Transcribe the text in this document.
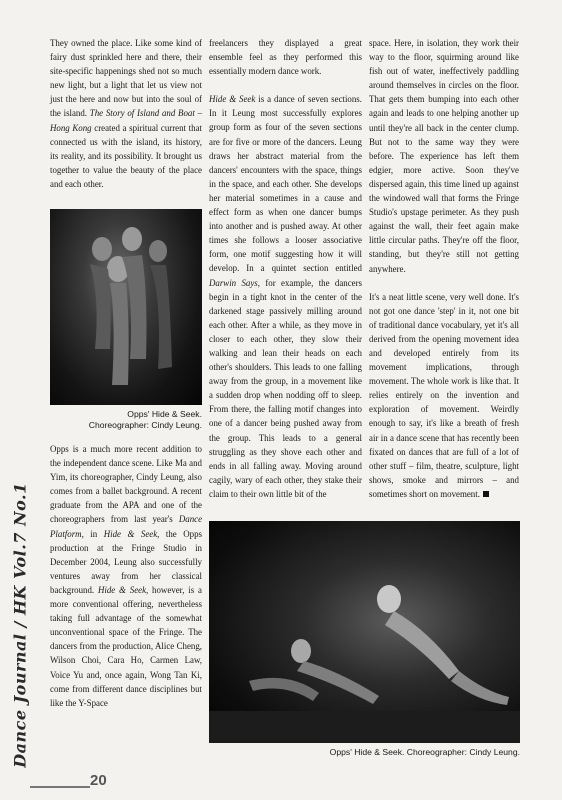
They owned the place. Like some kind of fairy dust sprinkled here and there, their site-specific happenings shed not so much new light, but a light that let us view not just the here and now but into the soul of the island. The Story of Island and Boat – Hong Kong created a spiritual current that connected us with the island, its history, its reality, and its possibility. It brought us together to value the beauty of the place and each other.

Opps' Hide & Seek.
Choreographer: Cindy Leung.

Opps is a much more recent addition to the independent dance scene. Like Ma and Yim, its choreographer, Cindy Leung, also comes from a ballet background. A recent graduate from the APA and one of the choreographers from last year's Dance Platform, in Hide & Seek, the Opps production at the Fringe Studio in December 2004, Leung also successfully ventures away from her classical background. Hide & Seek, however, is a more conventional offering, nevertheless taking full advantage of the somewhat unconventional space of the Fringe. The dancers from the production, Alice Cheng, Wilson Choi, Cara Ho, Carmen Law, Voice Yu and, once again, Wong Tan Ki, come from different dance disciplines but like the Y-Space

freelancers they displayed a great ensemble feel as they performed this essentially modern dance work.

Hide & Seek is a dance of seven sections. In it Leung most successfully explores group form as four of the seven sections are for five or more of the dancers. Leung draws her abstract material from the dancers' encounters with the space, things in the space, and each other. She develops her material sometimes in a cause and effect form as when one dancer bumps into another and is pushed away. At other times she follows a looser associative form, one motif suggesting how it will develop. In a quintet section entitled Darwin Says, for example, the dancers begin in a tight knot in the center of the darkened stage passively milling around each other. After a while, as they move in closer to each other, they slow their walking and lean their heads on each other's shoulders. This leads to one falling away from the group, in a movement like a sudden drop when nodding off to sleep. From there, the falling motif changes into one of a dancer being pushed away from the group. This leads to a general struggling as they shove each other and ends in all falling away. Moving around cagily, wary of each other, they stake their claim to their own little bit of the

space. Here, in isolation, they work their way to the floor, squirming around like fish out of water, ineffectively paddling around themselves in circles on the floor. That gets them bumping into each other again and leads to one helping another up until they're all back in the center clump. But not to the same way they were before. The experience has left them edgier, more active. Soon they've dispersed again, this time lined up against the windowed wall that forms the Fringe Studio's upstage perimeter. As they push against the wall, their feet again make little circular paths. They're off the floor, standing, but they're still not getting anywhere.

It's a neat little scene, very well done. It's not got one dance 'step' in it, not one bit of traditional dance vocabulary, yet it's all derived from the opening movement idea and developed entirely from its movement implications, through movement. The whole work is like that. It relies entirely on the invention and exploration of movement. Weirdly enough to say, it's like a breath of fresh air in a dance scene that has recently been fixated on dances that are full of a lot of other stuff – film, theatre, sculpture, light shows, smoke and mirrors – and sometimes short on movement.

Opps' Hide & Seek. Choreographer: Cindy Leung.
Dance Journal / HK Vol.7 No.1
20
